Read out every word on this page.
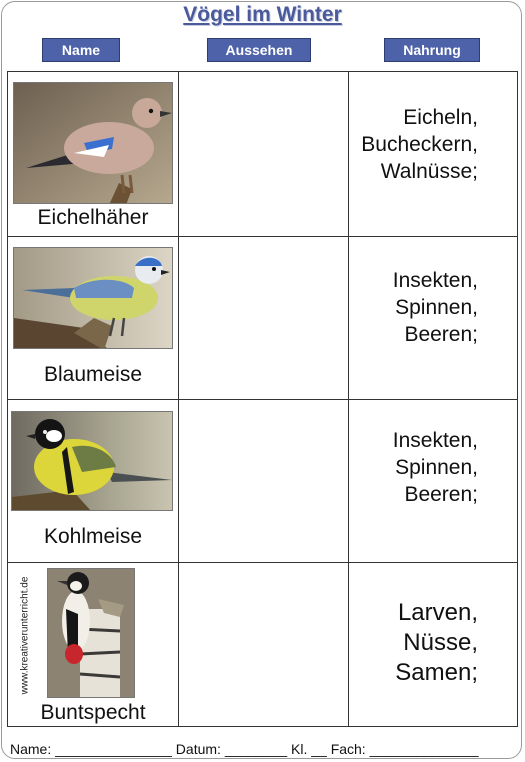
Vögel im Winter
Name	Aussehen	Nahrung
Eichelhäher
Eicheln,
Bucheckern,
Walnüsse;
Blaumeise
Insekten,
Spinnen,
Beeren;
Kohlmeise
Insekten,
Spinnen,
Beeren;
Buntspecht
Larven,
Nüsse,
Samen;
www.kreativerunterricht.de
Name: _______________ Datum: ________ Kl. __ Fach: ______________
